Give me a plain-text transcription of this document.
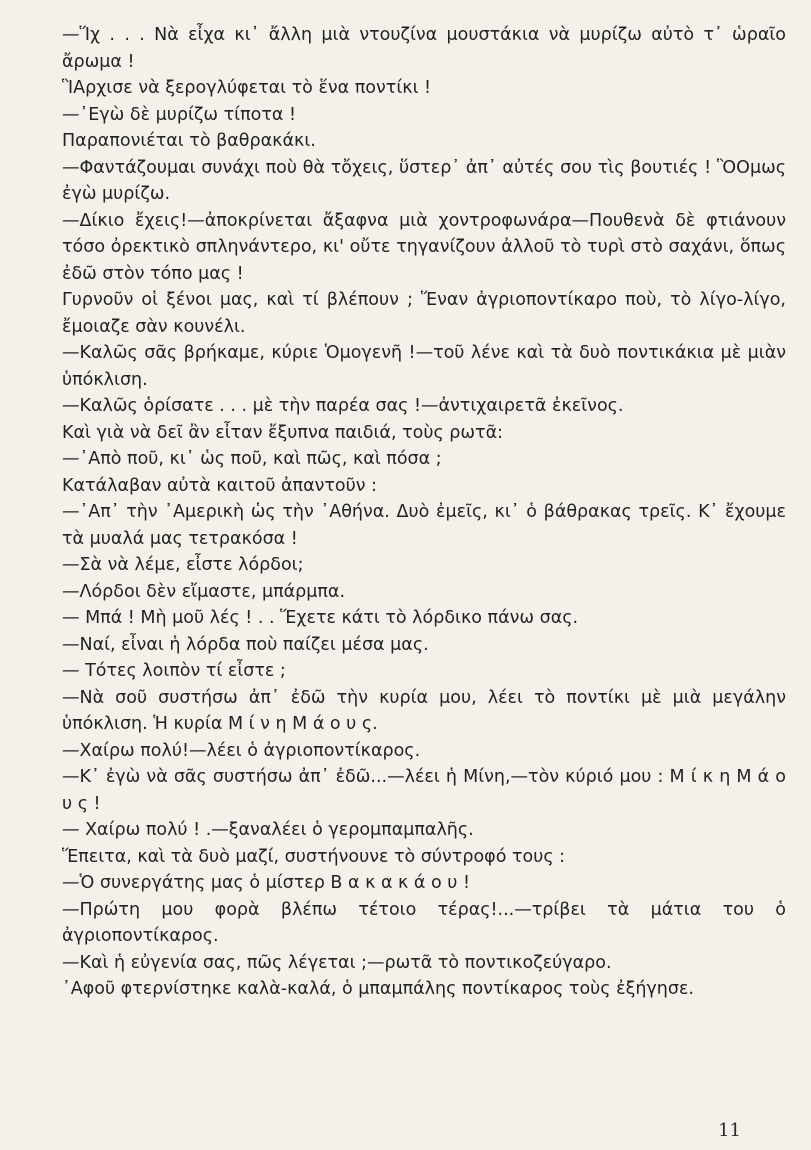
—Ἵχ . . . Νὰ εἶχα κι᾿ ἄλλη μιὰ ντουζίνα μουστάκια νὰ μυρίζω αὐτὸ τ᾿ ὡραῖο ἄρωμα !

ἻΑρχισε νὰ ξερογλύφεται τὸ ἕνα ποντίκι !

—᾿Εγὼ δὲ μυρίζω τίποτα !

Παραπονιέται τὸ βαθρακάκι.

—Φαντάζουμαι συνάχι ποὺ θὰ τὄχεις, ὕστερ᾿ ἀπ᾿ αὐτές σου τὶς βουτιές ! ὋΟμως ἐγὼ μυρίζω.

—Δίκιο ἔχεις!—ἀποκρίνεται ἄξαφνα μιὰ χοντροφωνάρα—Πουθενὰ δὲ φτιάνουν τόσο ὀρεκτικὸ σπληνάντερο, κι' οὔτε τηγανίζουν ἀλλοῦ τὸ τυρὶ στὸ σαχάνι, ὅπως ἐδῶ στὸν τόπο μας !

Γυρνοῦν οἱ ξένοι μας, καὶ τί βλέπουν ; Ἕναν ἀγριοποντίκαρο ποὺ, τὸ λίγο-λίγο, ἔμοιαζε σὰν κουνέλι.

—Καλῶς σᾶς βρήκαμε, κύριε Ὁμογενῆ !—τοῦ λένε καὶ τὰ δυὸ ποντικάκια μὲ μιὰν ὑπόκλιση.

—Καλῶς ὁρίσατε . . . μὲ τὴν παρέα σας !—ἀντιχαιρετᾶ ἐκεῖνος.

Καὶ γιὰ νὰ δεῖ ἂν εἶταν ἔξυπνα παιδιά, τοὺς ρωτᾶ:

—᾿Απὸ ποῦ, κι᾿ ὡς ποῦ, καὶ πῶς, καὶ πόσα ;

Κατάλαβαν αὐτὰ καιτοῦ ἀπαντοῦν :

—᾿Απ᾿ τὴν ᾿Αμερικὴ ὡς τὴν ᾿Αθήνα. Δυὸ ἐμεῖς, κι᾿ ὁ βάθρακας τρεῖς. Κ᾿ ἔχουμε τὰ μυαλά μας τετρακόσα !

—Σὰ νὰ λέμε, εἶστε λόρδοι;

—Λόρδοι δὲν εἴμαστε, μπάρμπα.

— Μπά ! Μὴ μοῦ λές ! . . Ἕχετε κάτι τὸ λόρδικο πάνω σας.

—Ναί, εἶναι ἡ λόρδα ποὺ παίζει μέσα μας.

— Τότες λοιπὸν τί εἶστε ;

—Νὰ σοῦ συστήσω ἀπ᾿ ἐδῶ τὴν κυρία μου, λέει τὸ ποντίκι μὲ μιὰ μεγάλην ὑπόκλιση. Ἡ κυρία Μ ί ν η Μ ά ο υ ς.

—Χαίρω πολύ!—λέει ὁ ἀγριοποντίκαρος.

—Κ᾿ ἐγὼ νὰ σᾶς συστήσω ἀπ᾿ ἐδῶ...—λέει ἡ Μίνη,—τὸν κύριό μου : Μ ί κ η Μ ά ο υ ς !

— Χαίρω πολύ ! .—ξαναλέει ὁ γερομπαμπαλῆς.

Ἕπειτα, καὶ τὰ δυὸ μαζί, συστήνουνε τὸ σύντροφό τους :

—Ὁ συνεργάτης μας ὁ μίστερ Β α κ α κ ά ο υ !

—Πρώτη μου φορὰ βλέπω τέτοιο τέρας!...—τρίβει τὰ μάτια του ὁ ἀγριοποντίκαρος.

—Καὶ ἡ εὐγενία σας, πῶς λέγεται ;—ρωτᾶ τὸ ποντικοζεύγαρο.

᾿Αφοῦ φτερνίστηκε καλὰ-καλά, ὁ μπαμπάλης ποντίκαρος τοὺς ἐξήγησε.

11
